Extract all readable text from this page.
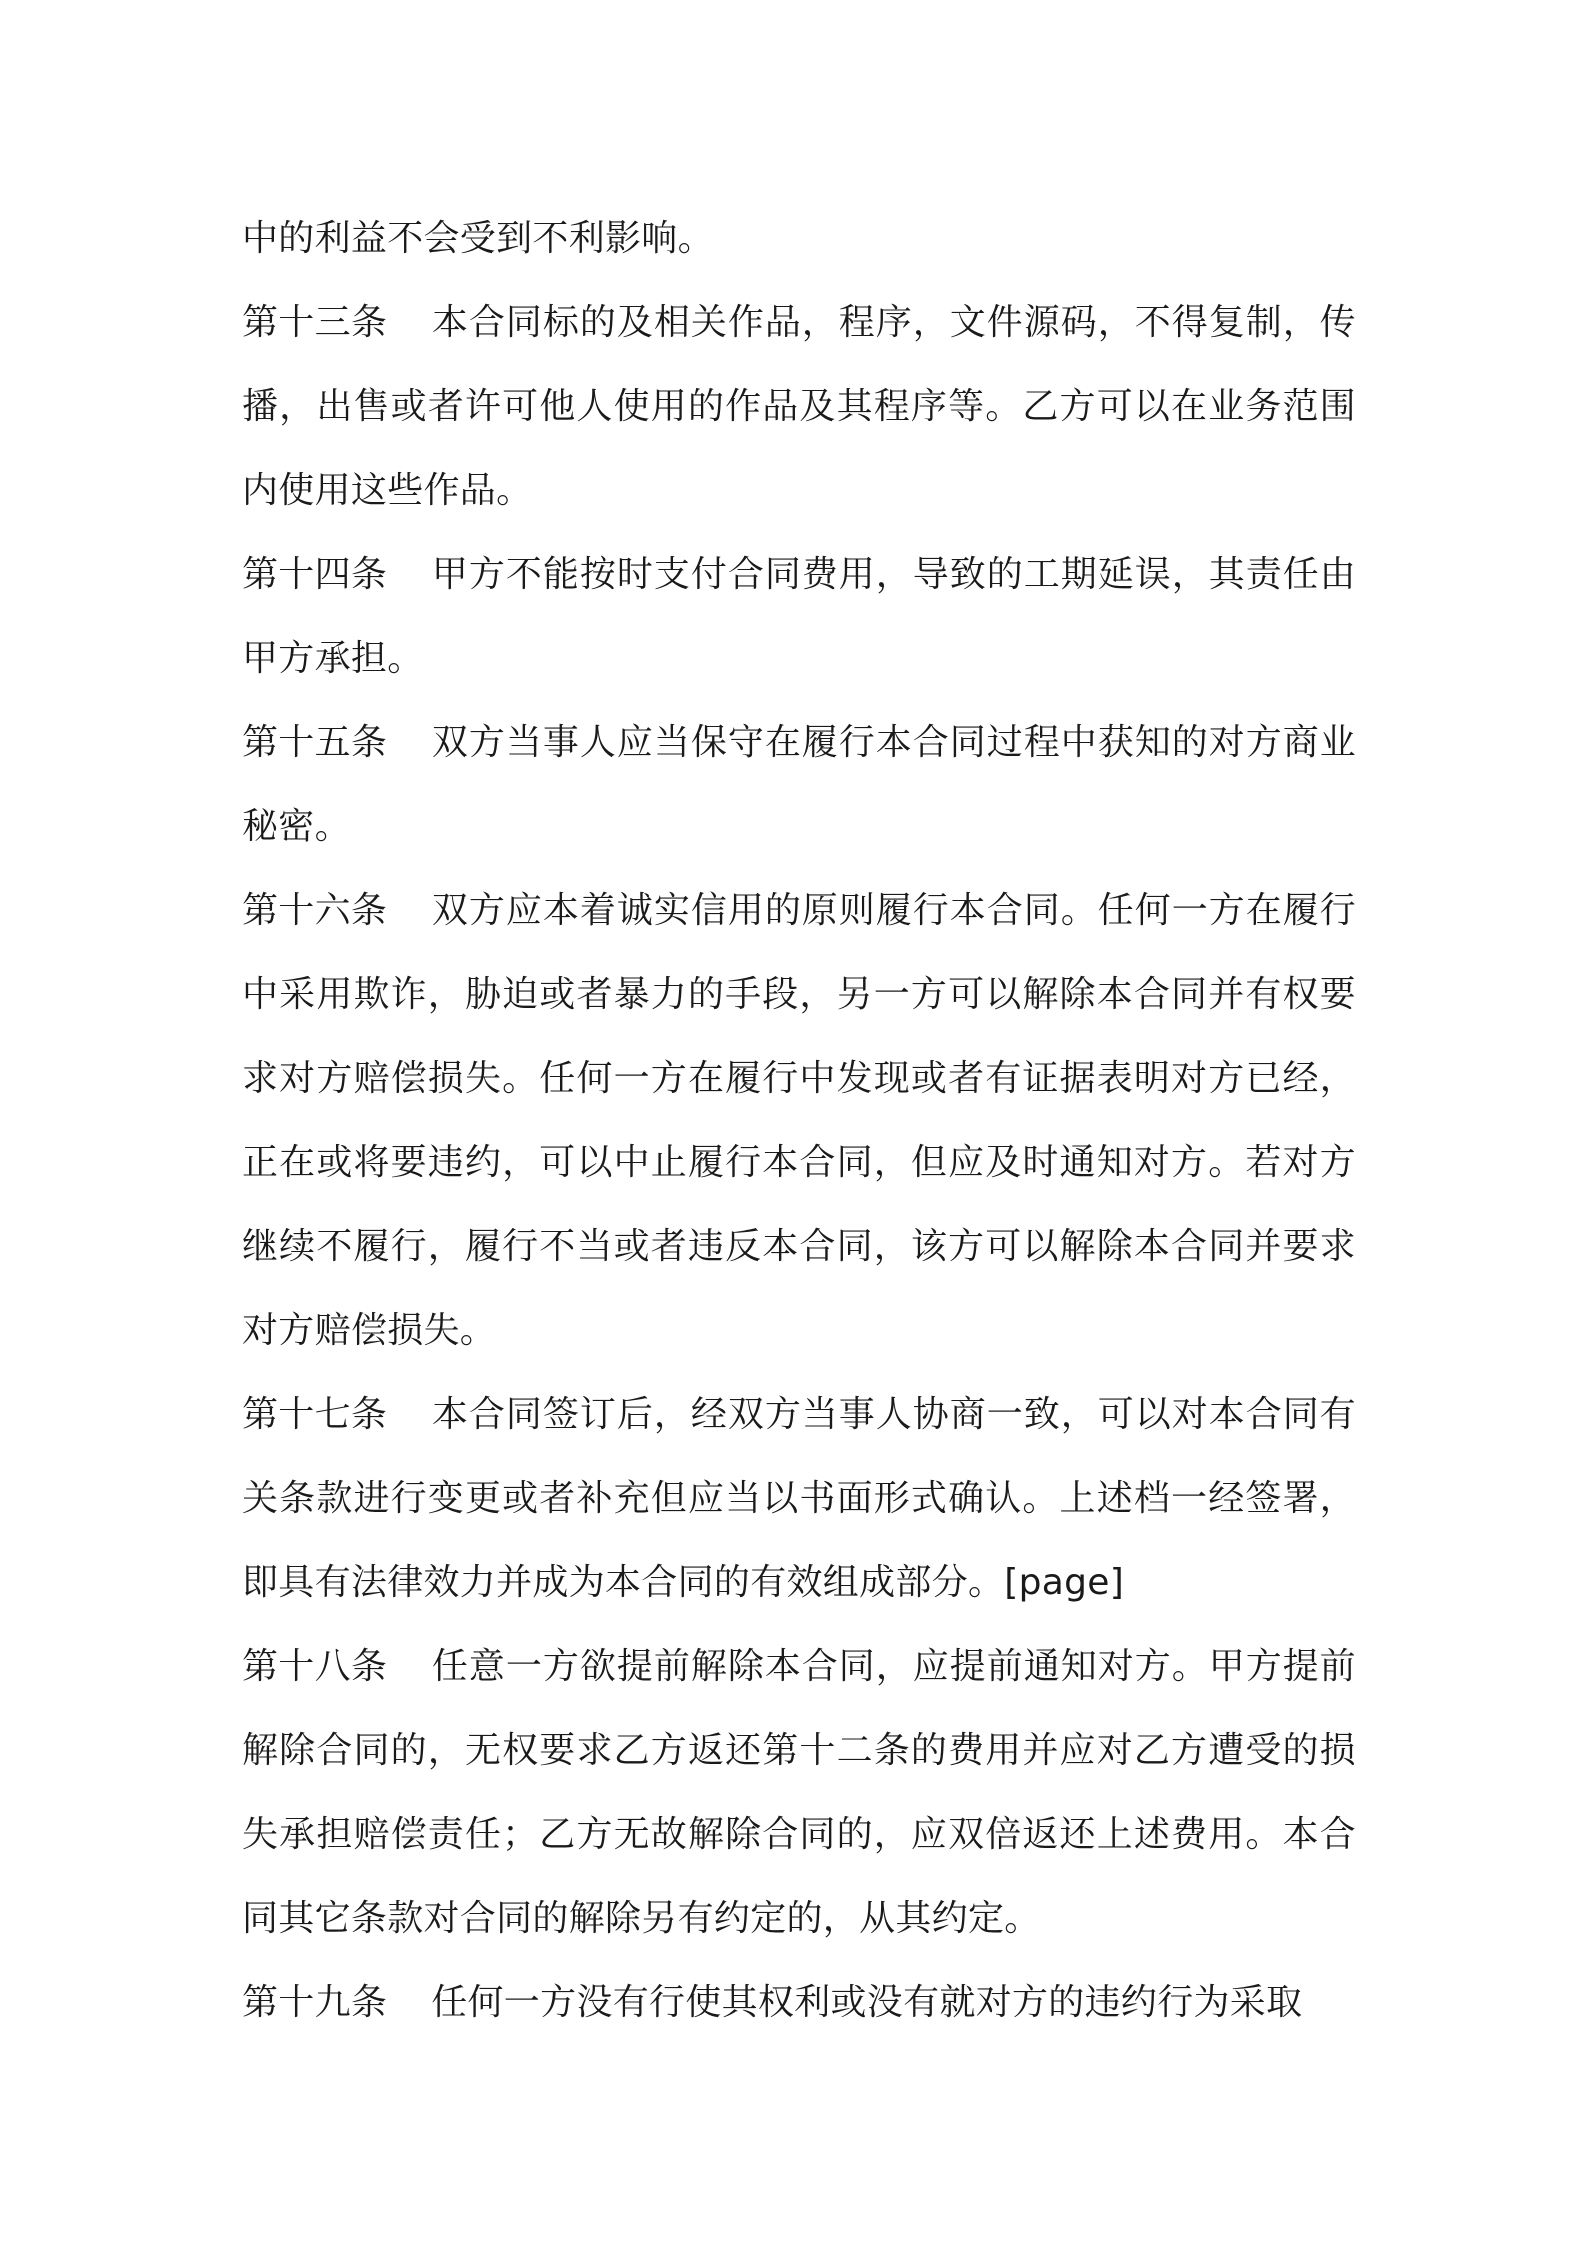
中的利益不会受到不利影响。

第十三条 本合同标的及相关作品，程序，文件源码，不得复制，传播，出售或者许可他人使用的作品及其程序等。乙方可以在业务范围内使用这些作品。

第十四条 甲方不能按时支付合同费用，导致的工期延误，其责任由甲方承担。

第十五条 双方当事人应当保守在履行本合同过程中获知的对方商业秘密。

第十六条 双方应本着诚实信用的原则履行本合同。任何一方在履行中采用欺诈，胁迫或者暴力的手段，另一方可以解除本合同并有权要求对方赔偿损失。任何一方在履行中发现或者有证据表明对方已经，正在或将要违约，可以中止履行本合同，但应及时通知对方。若对方继续不履行，履行不当或者违反本合同，该方可以解除本合同并要求对方赔偿损失。

第十七条 本合同签订后，经双方当事人协商一致，可以对本合同有关条款进行变更或者补充但应当以书面形式确认。上述档一经签署，即具有法律效力并成为本合同的有效组成部分。[page]

第十八条 任意一方欲提前解除本合同，应提前通知对方。甲方提前解除合同的，无权要求乙方返还第十二条的费用并应对乙方遭受的损失承担赔偿责任；乙方无故解除合同的，应双倍返还上述费用。本合同其它条款对合同的解除另有约定的，从其约定。

第十九条 任何一方没有行使其权利或没有就对方的违约行为采取
